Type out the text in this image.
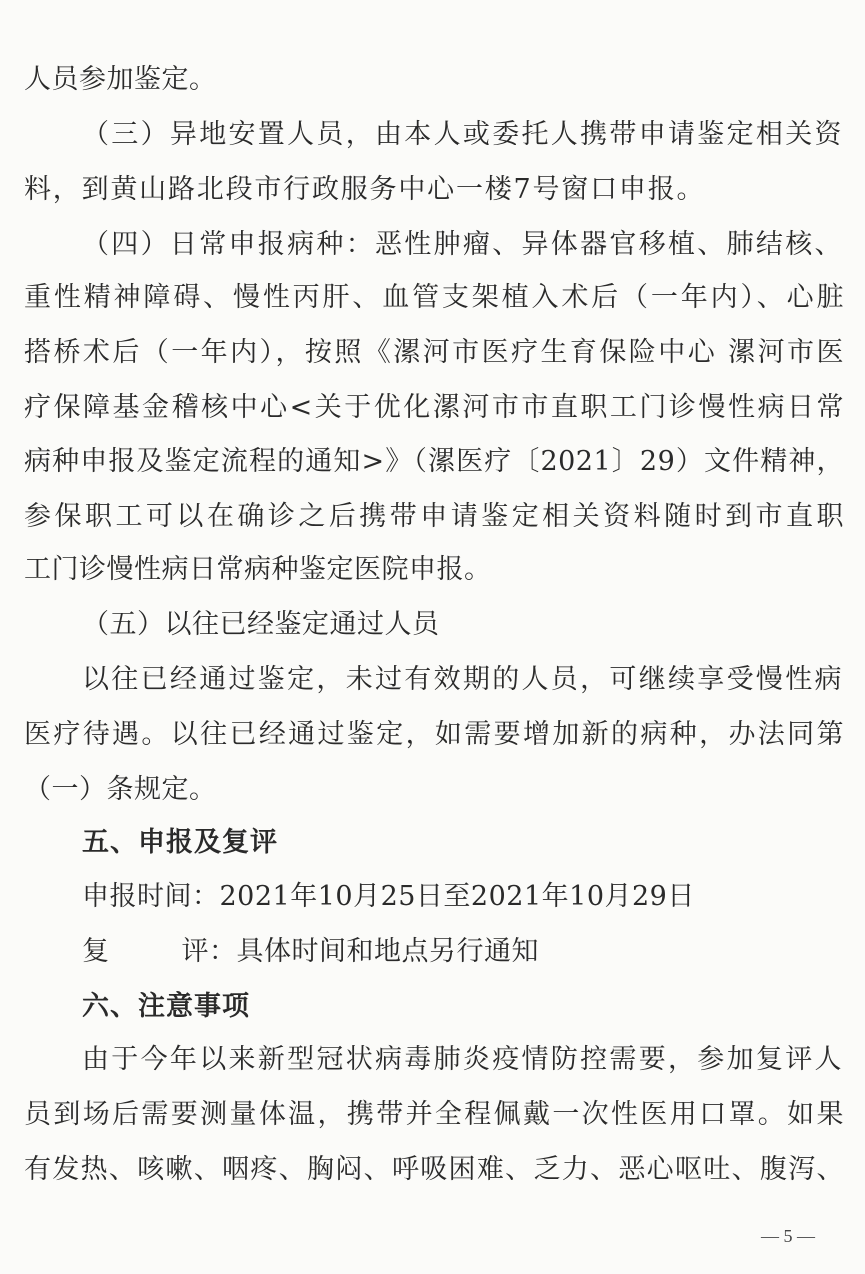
人员参加鉴定。
（三）异地安置人员，由本人或委托人携带申请鉴定相关资
料，到黄山路北段市行政服务中心一楼7号窗口申报。
（四）日常申报病种：恶性肿瘤、异体器官移植、肺结核、
重性精神障碍、慢性丙肝、血管支架植入术后（一年内）、心脏
搭桥术后（一年内），按照《漯河市医疗生育保险中心 漯河市医
疗保障基金稽核中心<关于优化漯河市市直职工门诊慢性病日常
病种申报及鉴定流程的通知>》（漯医疗〔2021〕29）文件精神，
参保职工可以在确诊之后携带申请鉴定相关资料随时到市直职
工门诊慢性病日常病种鉴定医院申报。
（五）以往已经鉴定通过人员
以往已经通过鉴定，未过有效期的人员，可继续享受慢性病
医疗待遇。以往已经通过鉴定，如需要增加新的病种，办法同第
（一）条规定。
五、申报及复评
申报时间：2021年10月25日至2021年10月29日
复	评：具体时间和地点另行通知
六、注意事项
由于今年以来新型冠状病毒肺炎疫情防控需要，参加复评人
员到场后需要测量体温，携带并全程佩戴一次性医用口罩。如果
有发热、咳嗽、咽疼、胸闷、呼吸困难、乏力、恶心呕吐、腹泻、
— 5 —
